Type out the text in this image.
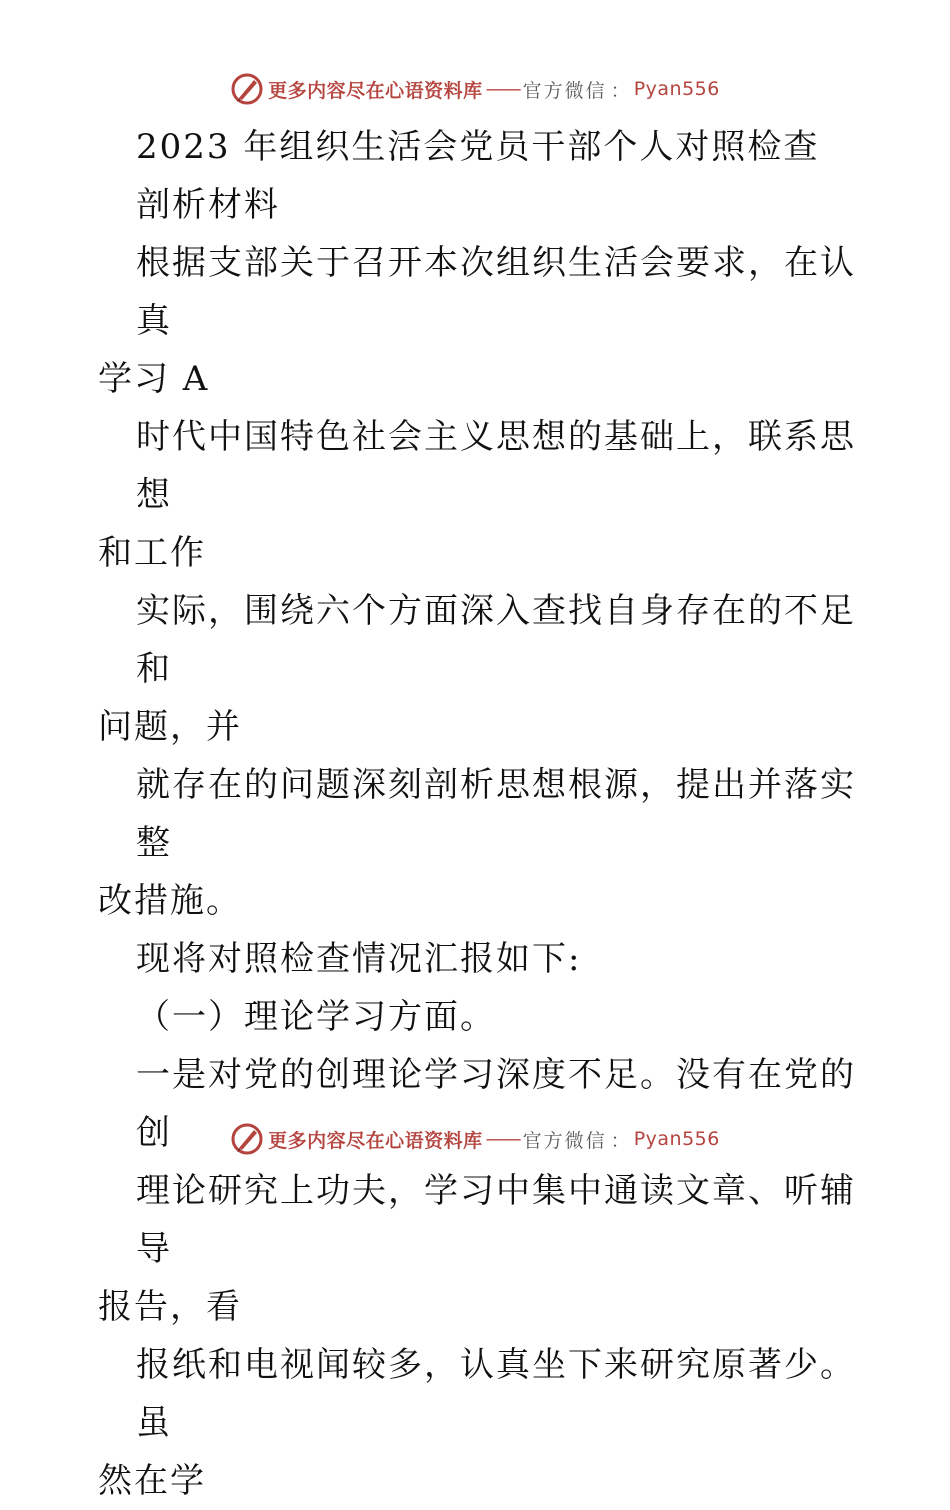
更多内容尽在心语资料库 —— 官方微信 ： Pyan556

2023 年组织生活会党员干部个人对照检查

剖析材料

根据支部关于召开本次组织生活会要求，在认真

学习 A

时代中国特色社会主义思想的基础上，联系思想

和工作

实际，围绕六个方面深入查找自身存在的不足和

问题，并

就存在的问题深刻剖析思想根源，提出并落实整

改措施。

现将对照检查情况汇报如下:

（一）理论学习方面。

一是对党的创理论学习深度不足。没有在党的创

理论研究上功夫，学习中集中通读文章、听辅导

报告，看

报纸和电视闻较多，认真坐下来研究原著少。虽

然在学

更多内容尽在心语资料库 —— 官方微信 ： Pyan556
